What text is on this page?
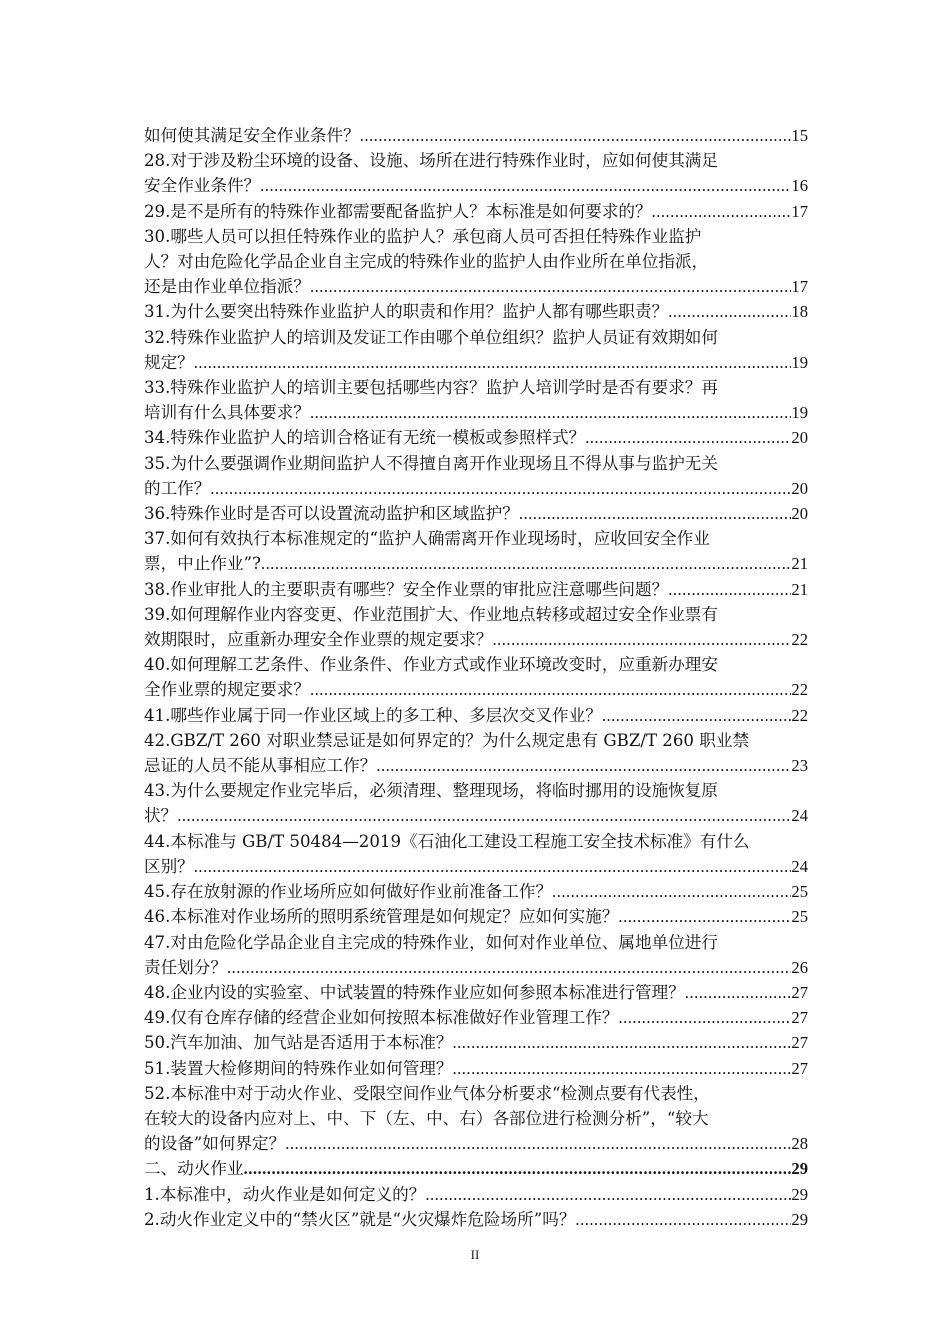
如何使其满足安全作业条件？ .....	15
28.对于涉及粉尘环境的设备、设施、场所在进行特殊作业时，应如何使其满足
安全作业条件？ .....	16
29.是不是所有的特殊作业都需要配备监护人？本标准是如何要求的？ .....	17
30.哪些人员可以担任特殊作业的监护人？承包商人员可否担任特殊作业监护
人？对由危险化学品企业自主完成的特殊作业的监护人由作业所在单位指派，
还是由作业单位指派？ .....	17
31.为什么要突出特殊作业监护人的职责和作用？监护人都有哪些职责？ .....	18
32.特殊作业监护人的培训及发证工作由哪个单位组织？监护人员证有效期如何
规定？ .....	19
33.特殊作业监护人的培训主要包括哪些内容？监护人培训学时是否有要求？再
培训有什么具体要求？ .....	19
34.特殊作业监护人的培训合格证有无统一模板或参照样式？ .....	20
35.为什么要强调作业期间监护人不得擅自离开作业现场且不得从事与监护无关
的工作？ .....	20
36.特殊作业时是否可以设置流动监护和区域监护？ .....	20
37.如何有效执行本标准规定的“监护人确需离开作业现场时，应收回安全作业
票，中止作业”? .....	21
38.作业审批人的主要职责有哪些？安全作业票的审批应注意哪些问题？ .....	21
39.如何理解作业内容变更、作业范围扩大、作业地点转移或超过安全作业票有
效期限时，应重新办理安全作业票的规定要求？ .....	22
40.如何理解工艺条件、作业条件、作业方式或作业环境改变时，应重新办理安
全作业票的规定要求？ .....	22
41.哪些作业属于同一作业区域上的多工种、多层次交叉作业？ .....	22
42.GBZ/T 260 对职业禁忌证是如何界定的？为什么规定患有 GBZ/T 260 职业禁
忌证的人员不能从事相应工作？ .....	23
43.为什么要规定作业完毕后，必须清理、整理现场，将临时挪用的设施恢复原
状？ .....	24
44.本标准与 GB/T 50484—2019《石油化工建设工程施工安全技术标准》有什么
区别？ .....	24
45.存在放射源的作业场所应如何做好作业前准备工作？ .....	25
46.本标准对作业场所的照明系统管理是如何规定？应如何实施？ .....	25
47.对由危险化学品企业自主完成的特殊作业，如何对作业单位、属地单位进行
责任划分？ .....	26
48.企业内设的实验室、中试装置的特殊作业应如何参照本标准进行管理？ .....	27
49.仅有仓库存储的经营企业如何按照本标准做好作业管理工作？ .....	27
50.汽车加油、加气站是否适用于本标准？ .....	27
51.装置大检修期间的特殊作业如何管理？ .....	27
52.本标准中对于动火作业、受限空间作业气体分析要求“检测点要有代表性，
在较大的设备内应对上、中、下（左、中、右）各部位进行检测分析”，“较大
的设备”如何界定？ .....	28
二、动火作业 .....	29
1.本标准中，动火作业是如何定义的？ .....	29
2.动火作业定义中的“禁火区”就是“火灾爆炸危险场所”吗？ .....	29
II
